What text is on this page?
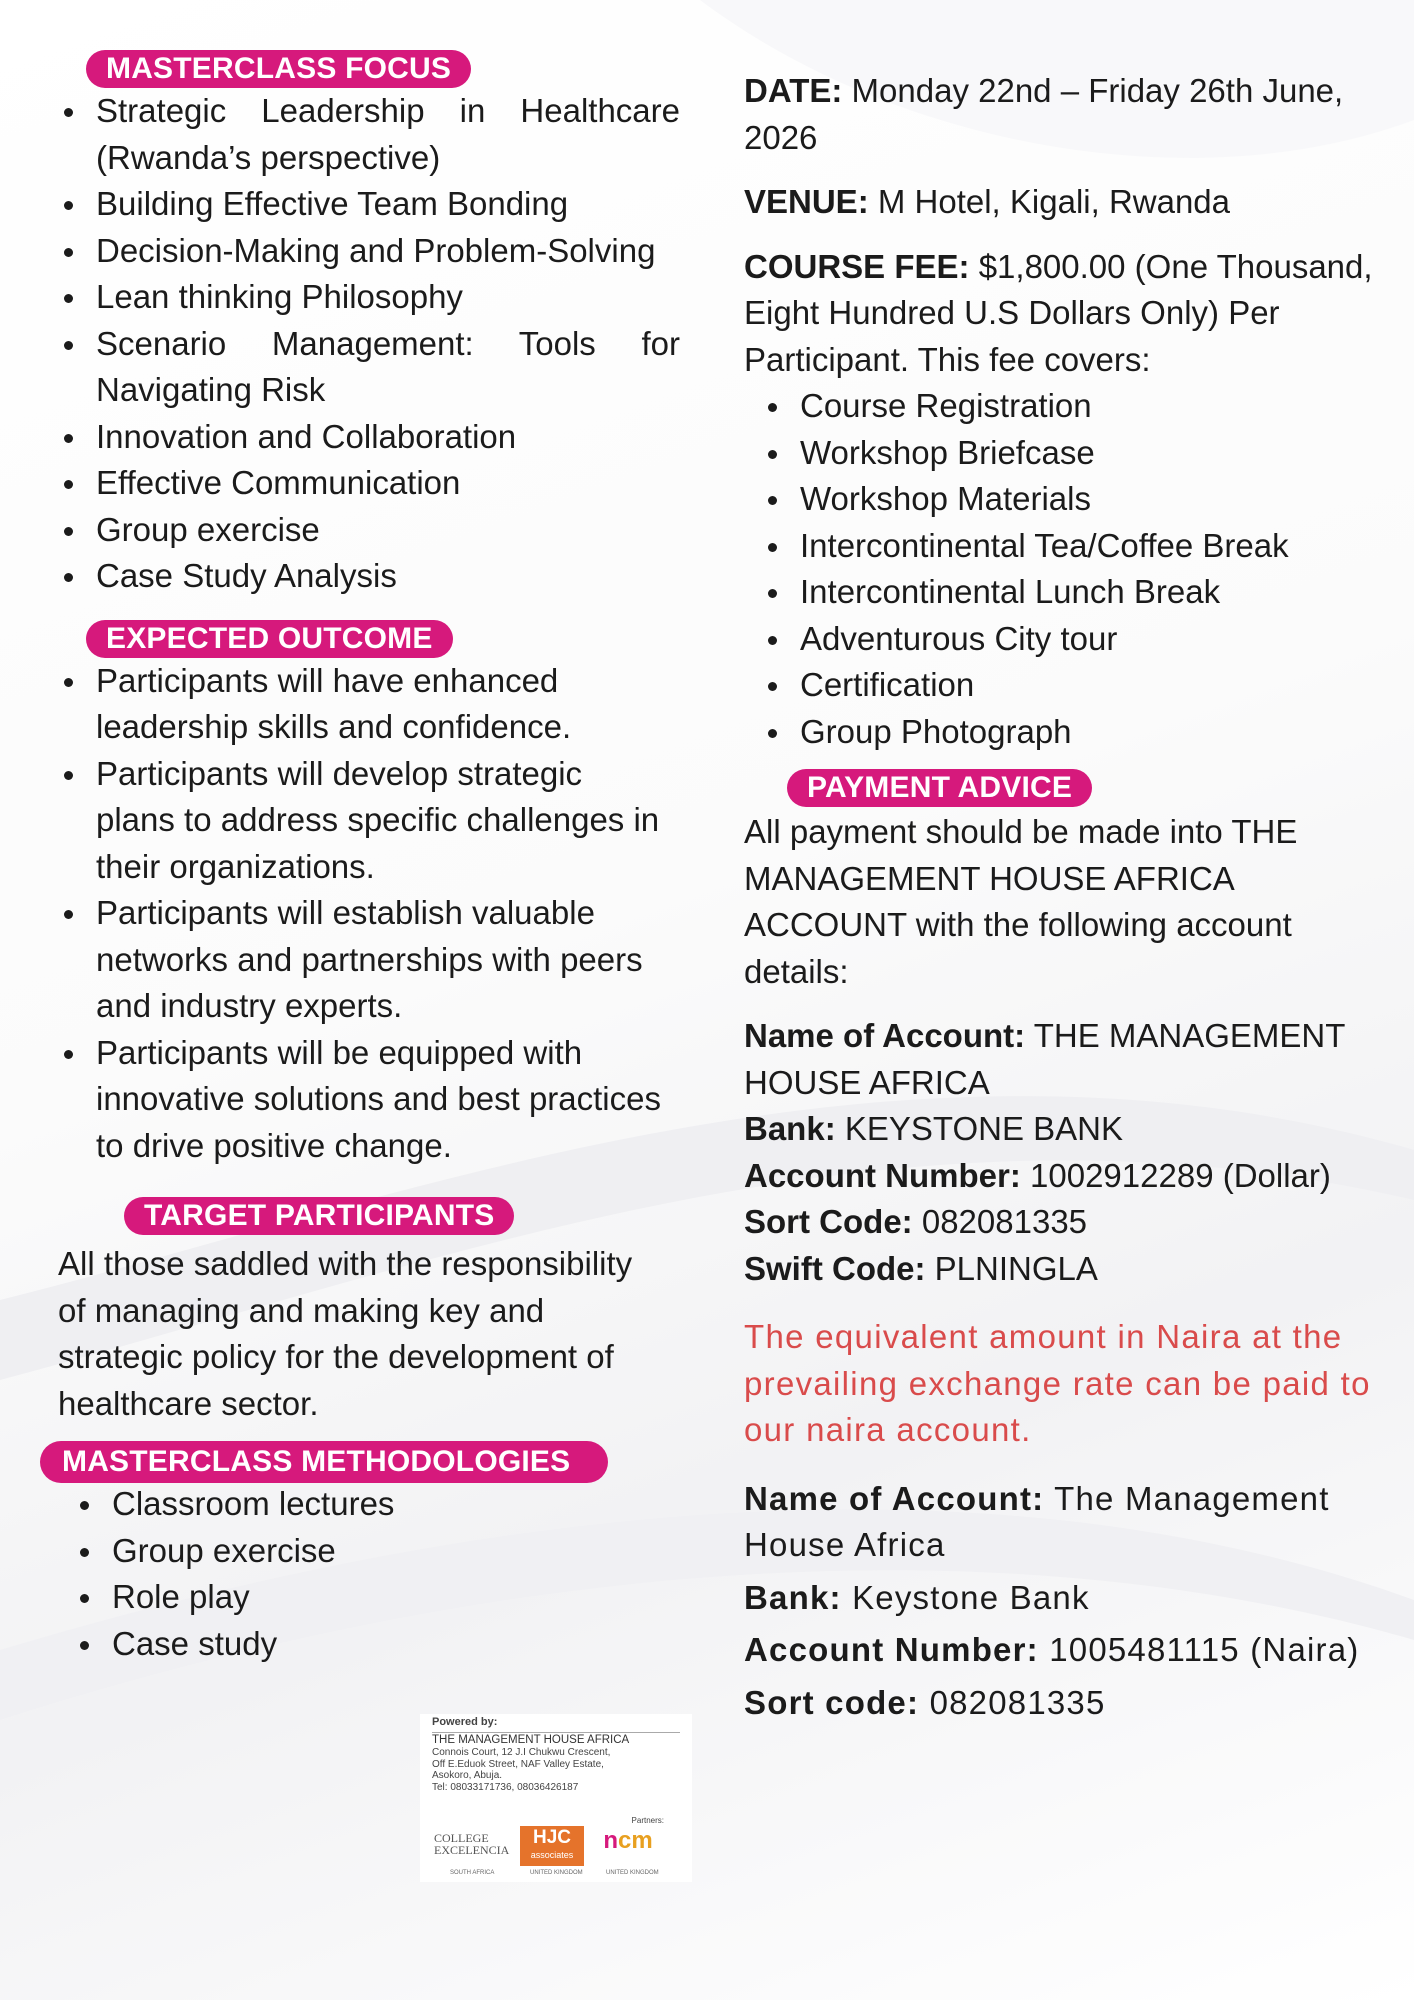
MASTERCLASS FOCUS
Strategic Leadership in Healthcare (Rwanda’s perspective)
Building Effective Team Bonding
Decision-Making and Problem-Solving
Lean thinking Philosophy
Scenario Management: Tools for Navigating Risk
Innovation and Collaboration
Effective Communication
Group exercise
Case Study Analysis
EXPECTED OUTCOME
Participants will have enhanced leadership skills and confidence.
Participants will develop strategic plans to address specific challenges in their organizations.
Participants will establish valuable networks and partnerships with peers and industry experts.
Participants will be equipped with innovative solutions and best practices to drive positive change.
TARGET PARTICIPANTS
All those saddled with the responsibility of managing and making key and strategic policy for the development of healthcare sector.
MASTERCLASS METHODOLOGIES
Classroom lectures
Group exercise
Role play
Case study
Powered by:
THE MANAGEMENT HOUSE AFRICA
Connois Court, 12 J.I Chukwu Crescent,
Off E.Eduok Street, NAF Valley Estate,
Asokoro, Abuja.
Tel: 08033171736, 08036426187
Partners:
COLLEGE
EXCELENCIA
HJC
associates
ncm
SOUTH AFRICA	UNITED KINGDOM	UNITED KINGDOM
DATE: Monday 22nd – Friday 26th June, 2026
VENUE: M Hotel, Kigali, Rwanda
COURSE FEE: $1,800.00 (One Thousand, Eight Hundred U.S Dollars Only) Per Participant. This fee covers:
Course Registration
Workshop Briefcase
Workshop Materials
Intercontinental Tea/Coffee Break
Intercontinental Lunch Break
Adventurous City tour
Certification
Group Photograph
PAYMENT ADVICE
All payment should be made into THE MANAGEMENT HOUSE AFRICA ACCOUNT with the following account details:
Name of Account: THE MANAGEMENT HOUSE AFRICA
Bank: KEYSTONE BANK
Account Number: 1002912289 (Dollar)
Sort Code: 082081335
Swift Code: PLNINGLA
The equivalent amount in Naira at the prevailing exchange rate can be paid to our naira account.
Name of Account: The Management House Africa
Bank: Keystone Bank
Account Number: 1005481115 (Naira)
Sort code: 082081335
